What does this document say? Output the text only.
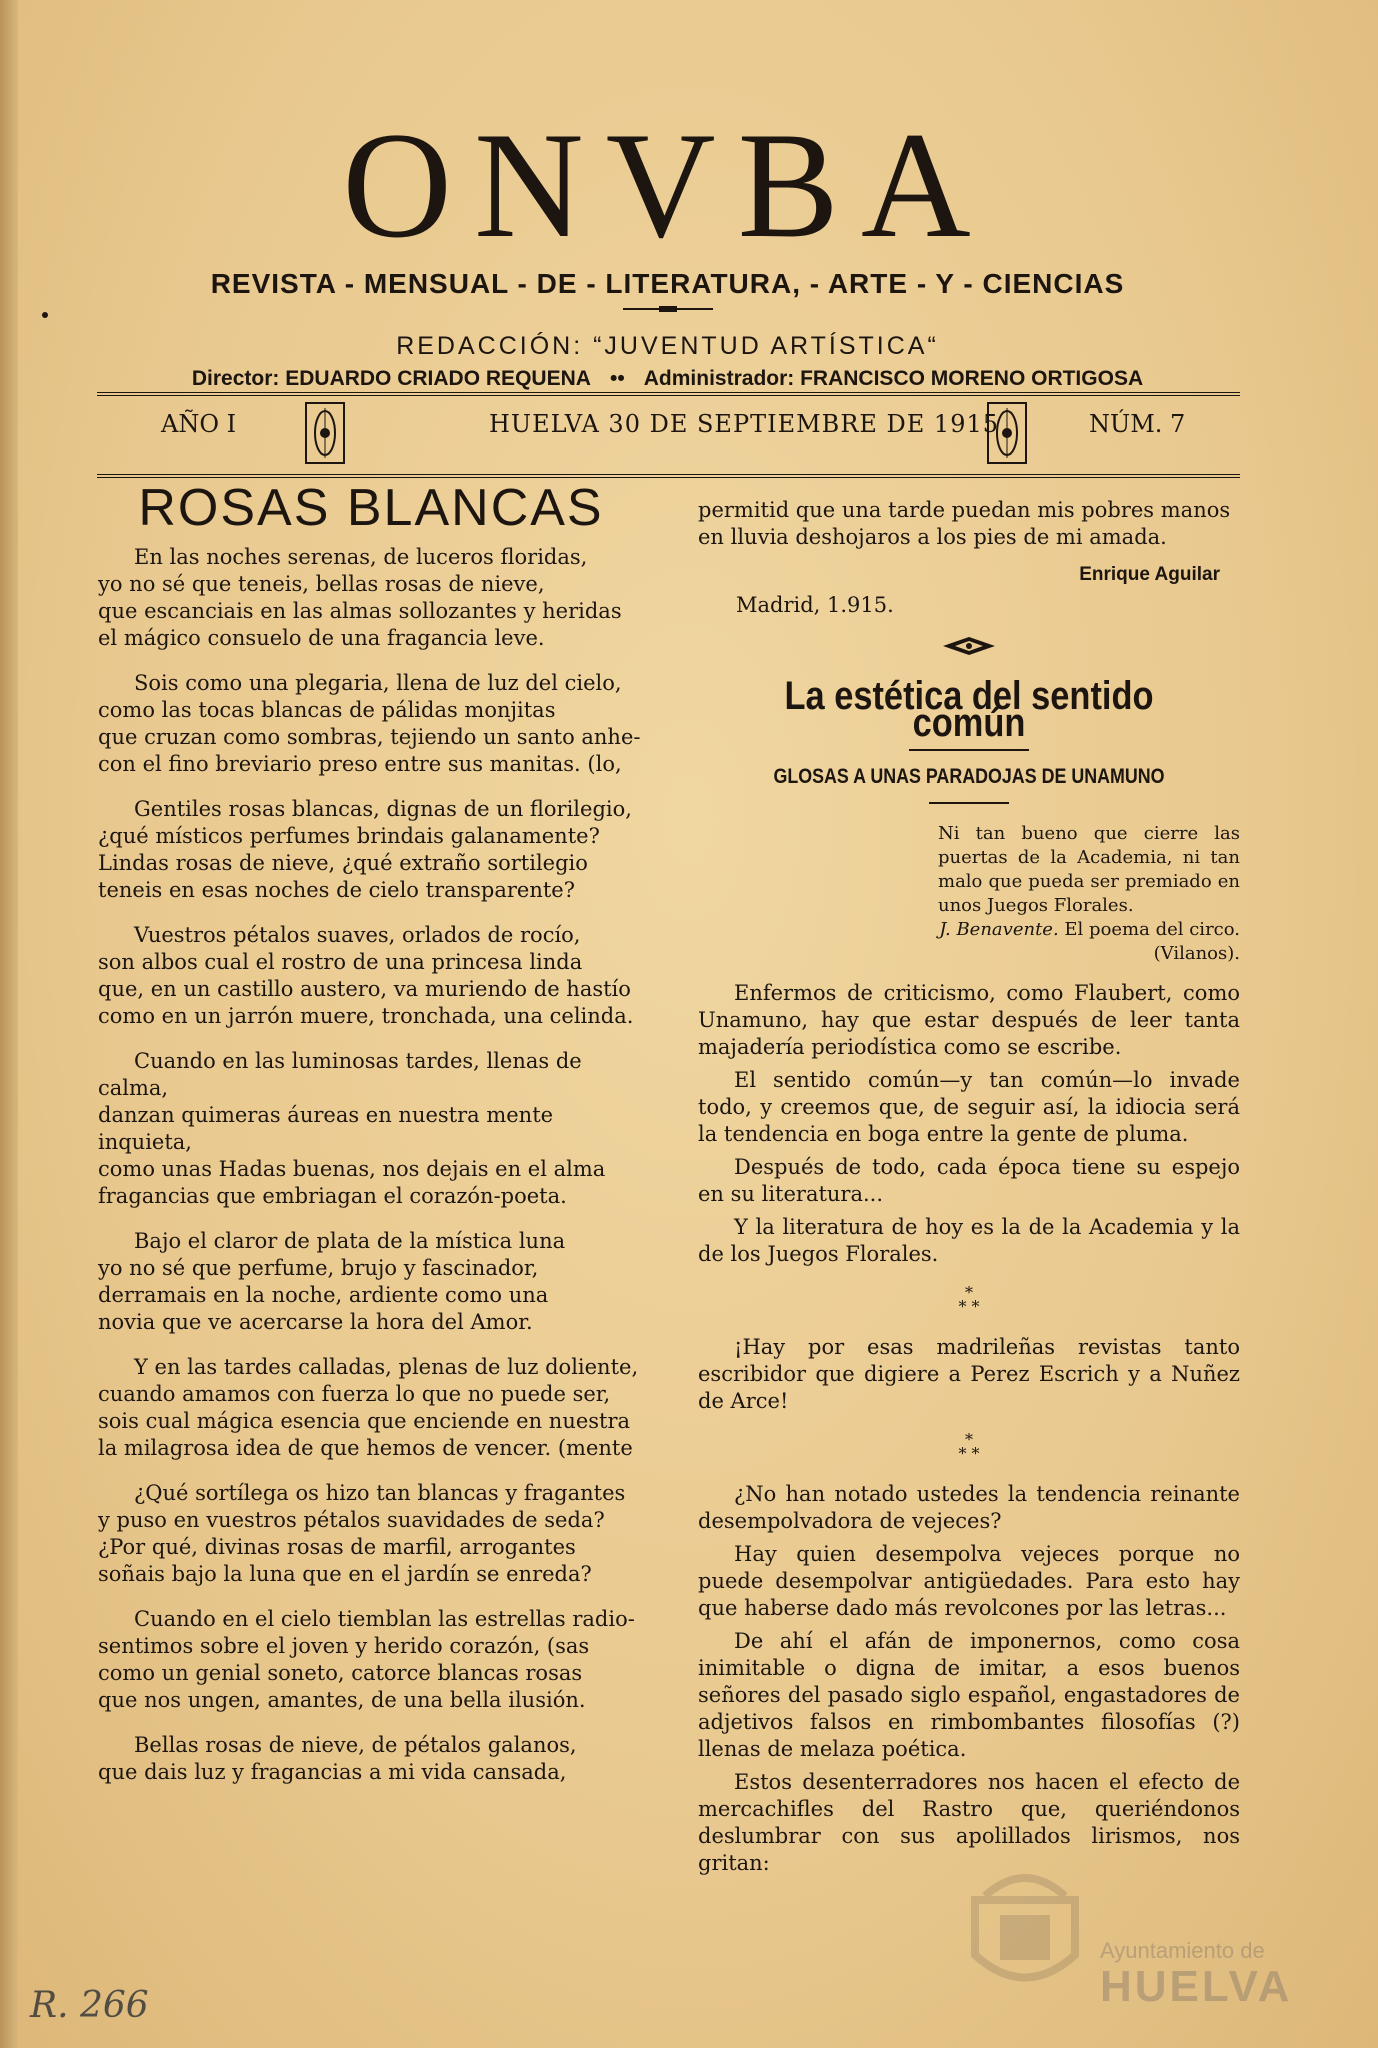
ONVBA
REVISTA - MENSUAL - DE - LITERATURA, - ARTE - Y - CIENCIAS
REDACCIÓN: “JUVENTUD ARTÍSTICA“
Director: EDUARDO CRIADO REQUENA •• Administrador: FRANCISCO MORENO ORTIGOSA
AÑO I	HUELVA 30 DE SEPTIEMBRE DE 1915	NÚM. 7
ROSAS BLANCAS
En las noches serenas, de luceros floridas,
yo no sé que teneis, bellas rosas de nieve,
que escanciais en las almas sollozantes y heridas
el mágico consuelo de una fragancia leve.
Sois como una plegaria, llena de luz del cielo,
como las tocas blancas de pálidas monjitas
que cruzan como sombras, tejiendo un santo anhe-
con el fino breviario preso entre sus manitas. (lo,
Gentiles rosas blancas, dignas de un florilegio,
¿qué místicos perfumes brindais galanamente?
Lindas rosas de nieve, ¿qué extraño sortilegio
teneis en esas noches de cielo transparente?
Vuestros pétalos suaves, orlados de rocío,
son albos cual el rostro de una princesa linda
que, en un castillo austero, va muriendo de hastío
como en un jarrón muere, tronchada, una celinda.
Cuando en las luminosas tardes, llenas de calma,
danzan quimeras áureas en nuestra mente inquieta,
como unas Hadas buenas, nos dejais en el alma
fragancias que embriagan el corazón-poeta.
Bajo el claror de plata de la mística luna
yo no sé que perfume, brujo y fascinador,
derramais en la noche, ardiente como una
novia que ve acercarse la hora del Amor.
Y en las tardes calladas, plenas de luz doliente,
cuando amamos con fuerza lo que no puede ser,
sois cual mágica esencia que enciende en nuestra
la milagrosa idea de que hemos de vencer. (mente
¿Qué sortílega os hizo tan blancas y fragantes
y puso en vuestros pétalos suavidades de seda?
¿Por qué, divinas rosas de marfil, arrogantes
soñais bajo la luna que en el jardín se enreda?
Cuando en el cielo tiemblan las estrellas radio-
sentimos sobre el joven y herido corazón, (sas
como un genial soneto, catorce blancas rosas
que nos ungen, amantes, de una bella ilusión.
Bellas rosas de nieve, de pétalos galanos,
que dais luz y fragancias a mi vida cansada,
permitid que una tarde puedan mis pobres manos
en lluvia deshojaros a los pies de mi amada.
Enrique Aguilar
Madrid, 1.915.
La estética del sentido común
GLOSAS A UNAS PARADOJAS DE UNAMUNO
Ni tan bueno que cierre las puertas de la Academia, ni tan malo que pueda ser premiado en unos Juegos Florales.
J. Benavente. El poema del circo. (Vilanos).

Enfermos de criticismo, como Flaubert, como Unamuno, hay que estar después de leer tanta majadería periodística como se escribe.

El sentido común—y tan común—lo invade todo, y creemos que, de seguir así, la idiocia será la tendencia en boga entre la gente de pluma.

Después de todo, cada época tiene su espejo en su literatura...

Y la literatura de hoy es la de la Academia y la de los Juegos Florales.

*
* *

¡Hay por esas madrileñas revistas tanto escribidor que digiere a Perez Escrich y a Nuñez de Arce!

*
* *

¿No han notado ustedes la tendencia reinante desempolvadora de vejeces?

Hay quien desempolva vejeces porque no puede desempolvar antigüedades. Para esto hay que haberse dado más revolcones por las letras...

De ahí el afán de imponernos, como cosa inimitable o digna de imitar, a esos buenos señores del pasado siglo español, engastadores de adjetivos falsos en rimbombantes filosofías (?) llenas de melaza poética.

Estos desenterradores nos hacen el efecto de mercachifles del Rastro que, queriéndonos deslumbrar con sus apolillados lirismos, nos gritan:

Ayuntamiento de
HUELVA
R. 266
